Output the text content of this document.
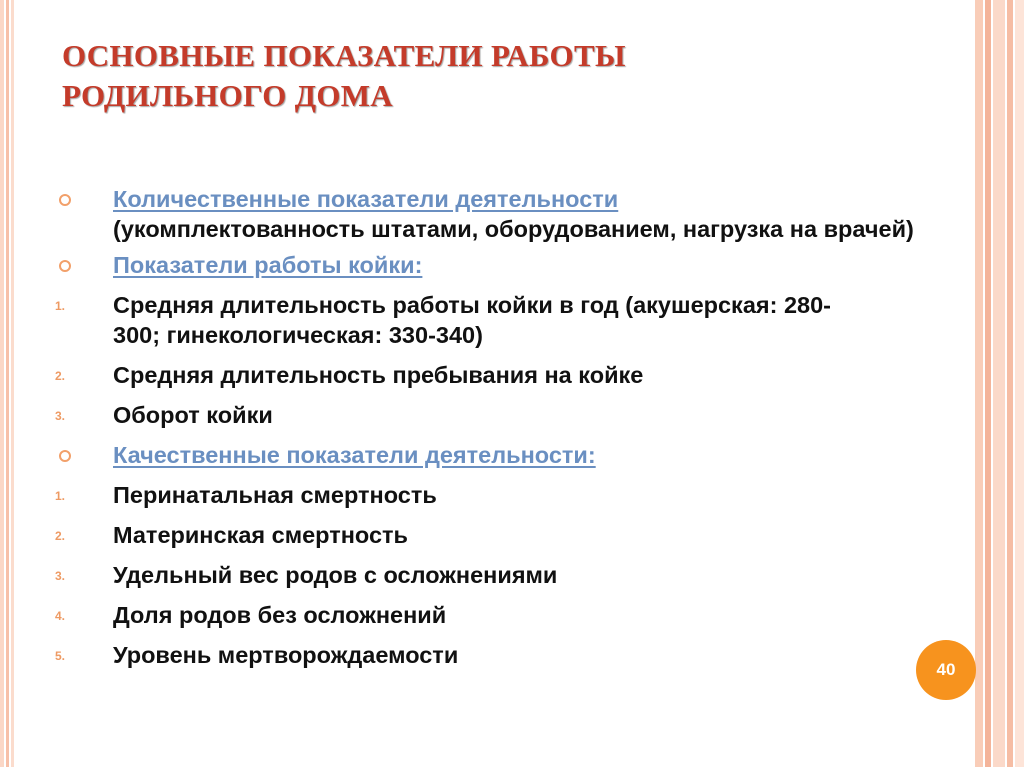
ОСНОВНЫЕ ПОКАЗАТЕЛИ РАБОТЫ
РОДИЛЬНОГО ДОМА
Количественные показатели деятельности
(укомплектованность штатами, оборудованием, нагрузка на врачей)
Показатели работы койки:
1. Средняя длительность работы койки в год (акушерская: 280-300; гинекологическая: 330-340)
2. Средняя длительность пребывания на койке
3. Оборот койки
Качественные показатели деятельности:
1. Перинатальная смертность
2. Материнская смертность
3. Удельный вес родов с осложнениями
4. Доля родов без осложнений
5. Уровень мертворождаемости
40
